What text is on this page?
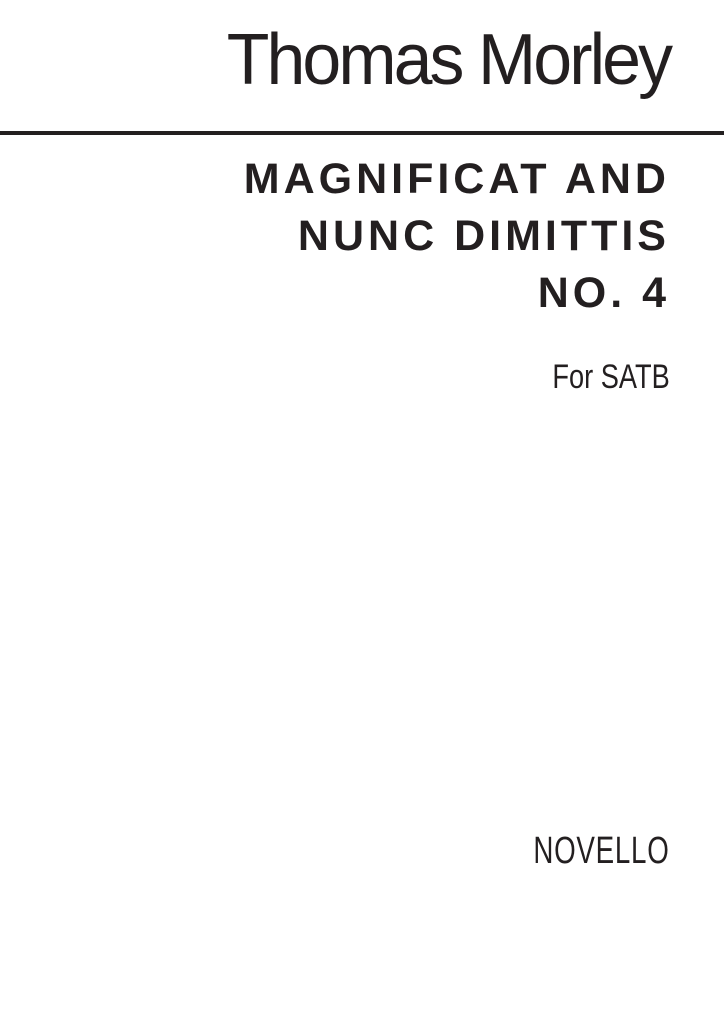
Thomas Morley
MAGNIFICAT AND
NUNC DIMITTIS
NO. 4
For SATB
NOVELLO
